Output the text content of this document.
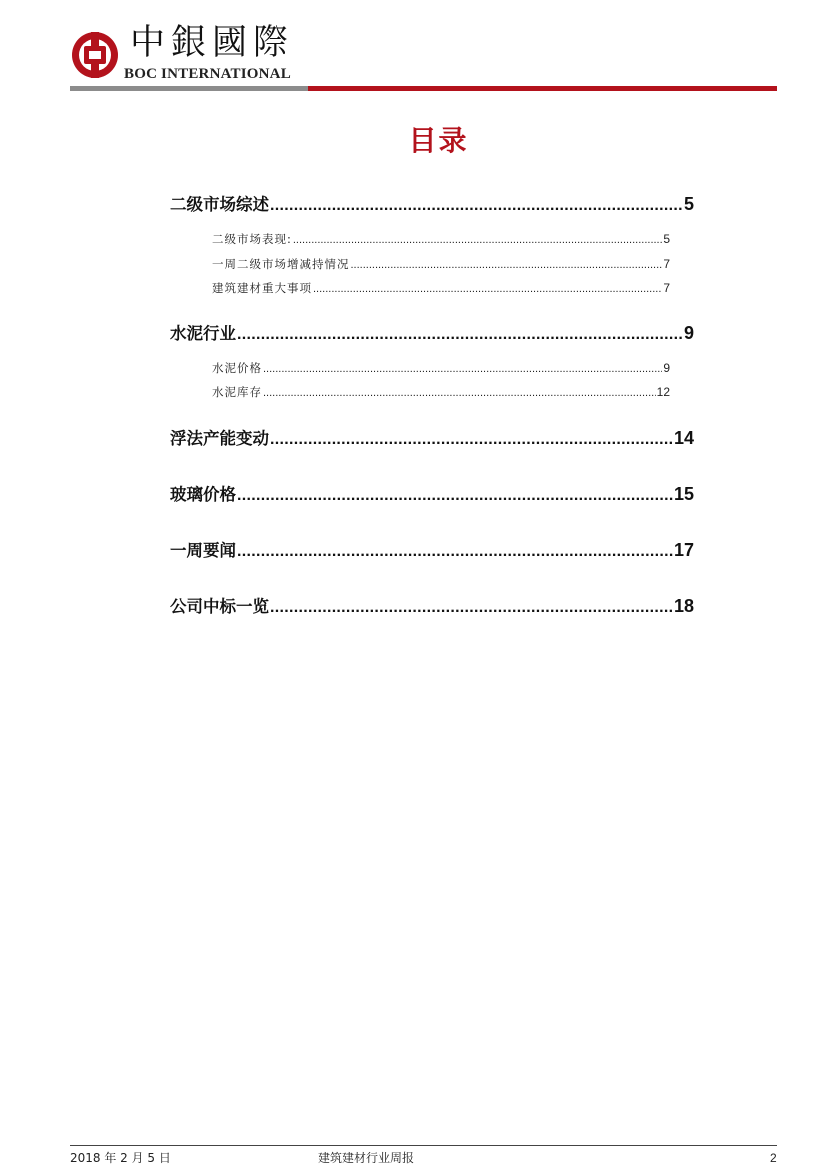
中銀國際
BOC INTERNATIONAL
目录
二级市场综述 .....	5
二级市场表现: .....	5
一周二级市场增减持情况 .....	7
建筑建材重大事项 .....	7
水泥行业 .....	9
水泥价格 .....	9
水泥库存 .....	12
浮法产能变动 .....	14
玻璃价格 .....	15
一周要闻 .....	17
公司中标一览 .....	18
2018 年 2 月 5 日	建筑建材行业周报	2
